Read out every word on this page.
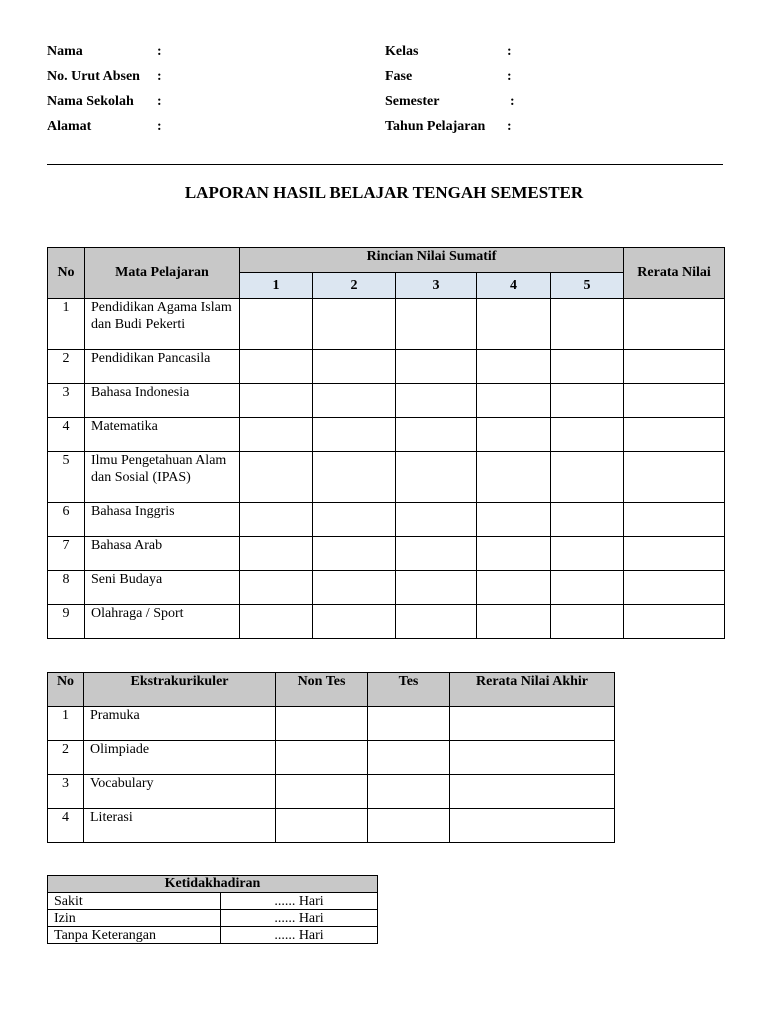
Nama	:
No. Urut Absen :
Nama Sekolah :
Alamat	:
Kelas	:
Fase	:
Semester	:
Tahun Pelajaran :
LAPORAN HASIL BELAJAR TENGAH SEMESTER
No	Mata Pelajaran	Rincian Nilai Sumatif					Rerata Nilai
		1	2	3	4	5	
1	Pendidikan Agama Islam dan Budi Pekerti						
2	Pendidikan Pancasila						
3	Bahasa Indonesia						
4	Matematika						
5	Ilmu Pengetahuan Alam dan Sosial (IPAS)						
6	Bahasa Inggris						
7	Bahasa Arab						
8	Seni Budaya						
9	Olahraga / Sport						
No	Ekstrakurikuler	Non Tes	Tes	Rerata Nilai Akhir
1	Pramuka			
2	Olimpiade			
3	Vocabulary			
4	Literasi			
Ketidakhadiran	
Sakit	...... Hari
Izin	...... Hari
Tanpa Keterangan	...... Hari
